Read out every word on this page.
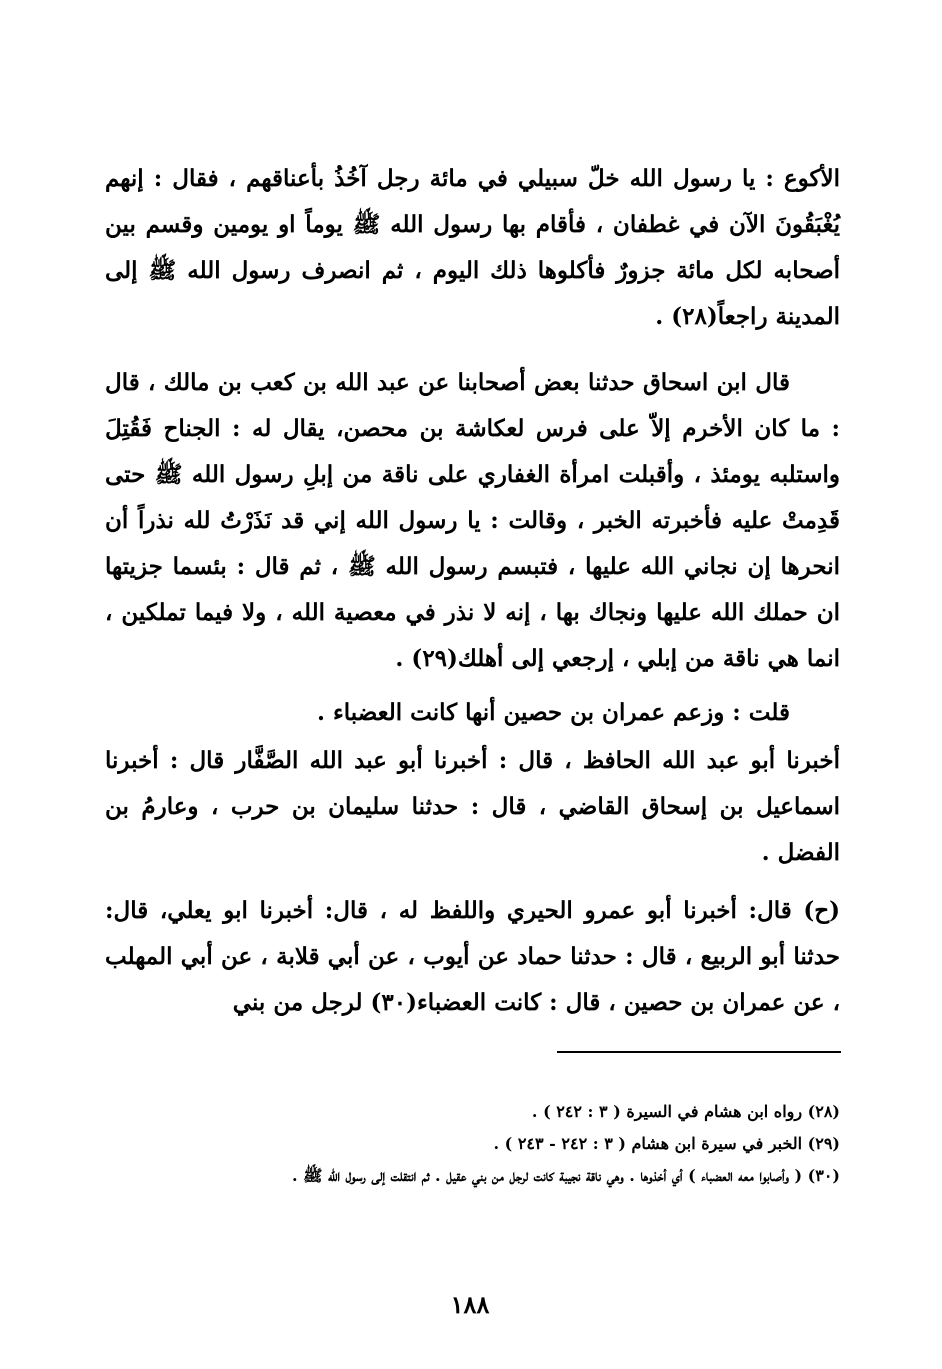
الأكوع : يا رسول الله خلّ سبيلي في مائة رجل آخُذُ بأعناقهم ، فقال : إنهم يُغْبَقُونَ الآن في غطفان ، فأقام بها رسول الله ﷺ يوماً او يومين وقسم بين أصحابه لكل مائة جزورٌ فأكلوها ذلك اليوم ، ثم انصرف رسول الله ﷺ إلى المدينة راجعاً(٢٨) .

قال ابن اسحاق حدثنا بعض أصحابنا عن عبد الله بن كعب بن مالك ، قال : ما كان الأخرم إلاّ على فرس لعكاشة بن محصن، يقال له : الجناح فَقُتِلَ واستلبه يومئذ ، وأقبلت امرأة الغفاري على ناقة من إبلِ رسول الله ﷺ حتى قَدِمتْ عليه فأخبرته الخبر ، وقالت : يا رسول الله إني قد نَذَرْتُ لله نذراً أن انحرها إن نجاني الله عليها ، فتبسم رسول الله ﷺ ، ثم قال : بئسما جزيتها ان حملك الله عليها ونجاك بها ، إنه لا نذر في معصية الله ، ولا فيما تملكين ، انما هي ناقة من إبلي ، إرجعي إلى أهلك(٢٩) .

قلت : وزعم عمران بن حصين أنها كانت العضباء .

أخبرنا أبو عبد الله الحافظ ، قال : أخبرنا أبو عبد الله الصَّفَّار قال : أخبرنا اسماعيل بن إسحاق القاضي ، قال : حدثنا سليمان بن حرب ، وعارمُ بن الفضل .

(ح) قال: أخبرنا أبو عمرو الحيري واللفظ له ، قال: أخبرنا ابو يعلي، قال: حدثنا أبو الربيع ، قال : حدثنا حماد عن أيوب ، عن أبي قلابة ، عن أبي المهلب ، عن عمران بن حصين ، قال : كانت العضباء(٣٠) لرجل من بني

(٢٨) رواه ابن هشام في السيرة ( ٣ : ٢٤٢ ) .
(٢٩) الخبر في سيرة ابن هشام ( ٣ : ٢٤٢ - ٢٤٣ ) .
(٣٠) ( وأصابوا معه العضباء ) أي أخذوها . وهي ناقة نجيبة كانت لرجل من بني عقيل . ثم انتقلت إلى رسول الله ﷺ .
١٨٨
